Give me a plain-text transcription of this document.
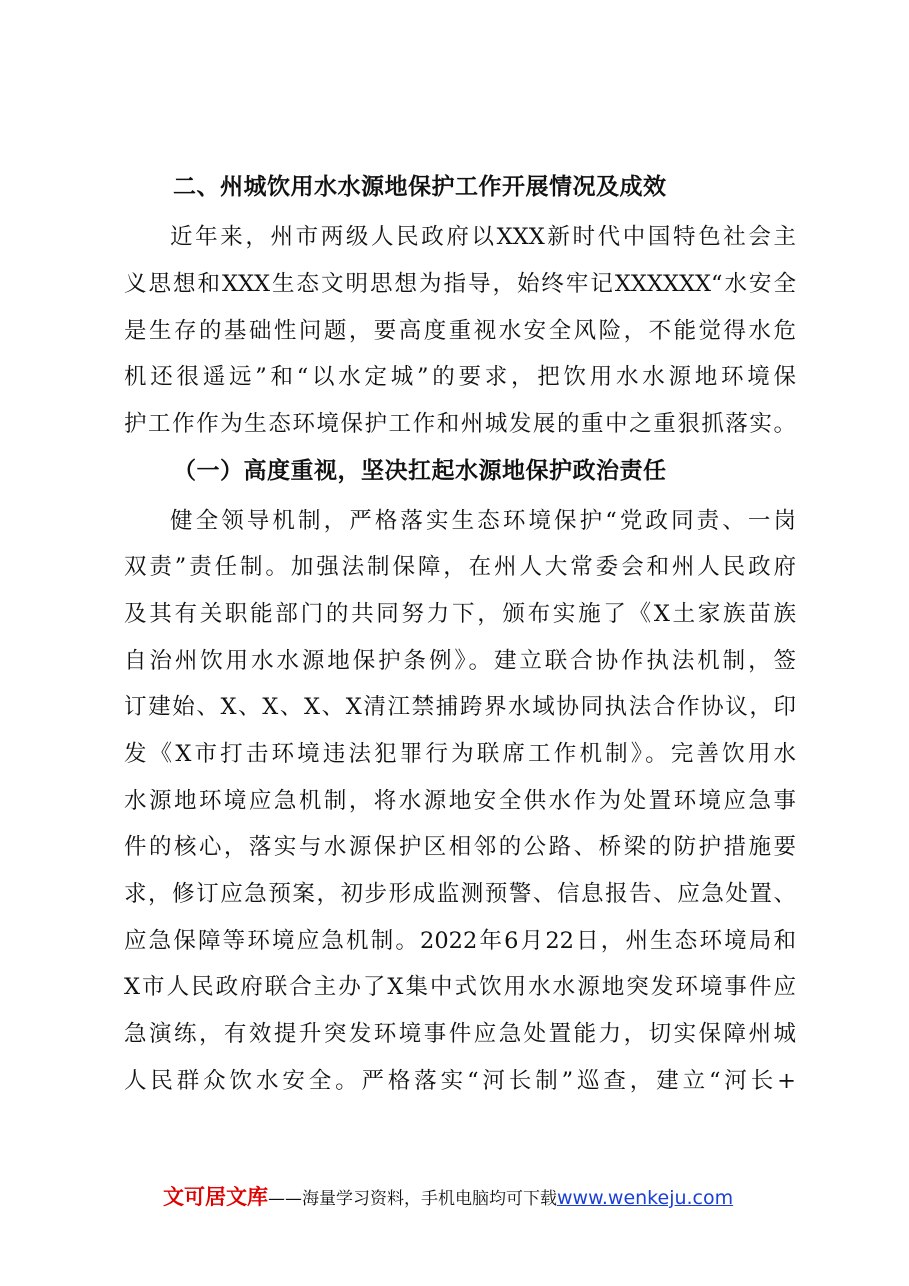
二、州城饮用水水源地保护工作开展情况及成效
近年来，州市两级人民政府以XXX新时代中国特色社会主
义思想和XXX生态文明思想为指导，始终牢记XXXXXX“水安全
是生存的基础性问题，要高度重视水安全风险，不能觉得水危
机还很遥远”和“以水定城”的要求，把饮用水水源地环境保
护工作作为生态环境保护工作和州城发展的重中之重狠抓落实。
（一）高度重视，坚决扛起水源地保护政治责任
健全领导机制，严格落实生态环境保护“党政同责、一岗
双责”责任制。加强法制保障，在州人大常委会和州人民政府
及其有关职能部门的共同努力下，颁布实施了《X土家族苗族
自治州饮用水水源地保护条例》。建立联合协作执法机制，签
订建始、X、X、X、X清江禁捕跨界水域协同执法合作协议，印
发《X市打击环境违法犯罪行为联席工作机制》。完善饮用水
水源地环境应急机制，将水源地安全供水作为处置环境应急事
件的核心，落实与水源保护区相邻的公路、桥梁的防护措施要
求，修订应急预案，初步形成监测预警、信息报告、应急处置、
应急保障等环境应急机制。2022年6月22日，州生态环境局和
X市人民政府联合主办了X集中式饮用水水源地突发环境事件应
急演练，有效提升突发环境事件应急处置能力，切实保障州城
人民群众饮水安全。严格落实“河长制”巡查，建立“河长+
文可居文库——海量学习资料，手机电脑均可下载www.wenkeju.com
